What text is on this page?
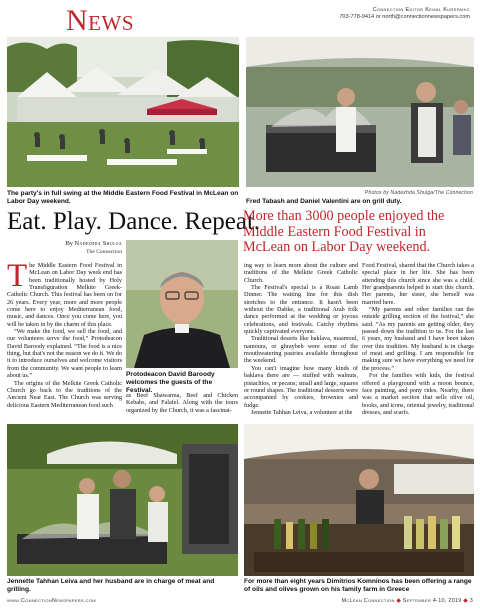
News	Connection Editor Kemal Kurspahic
703-778-9414 or north@connectionnewspapers.com
The party's in full swing at the Middle Eastern Food Festival in McLean on Labor Day weekend.	Fred Tabash and Daniel Valentini are on grill duty.
Photos by Nadezhda Shulga/The Connection
Eat. Play. Dance. Repeat.
More than 3000 people enjoyed the Middle Eastern Food Festival in McLean on Labor Day weekend.
By Nadezhda Shulga
The Connection
Protodeacon David Baroody welcomes the guests of the Festival.
T he Middle Eastern Food Festival in McLean on Labor Day week end has been traditionally hosted by Holy Transfiguration Melkite Greek-Catholic Church. This festival has been on for 26 years. Every year, more and more people come here to enjoy Mediterranean food, music, and dances. Once you come here, you will be taken in by the charm of this place.

“We make the food, we sell the food, and our volunteers serve the food,” Protodeacon David Baroody explained. “The food is a nice thing, but that's not the reason we do it. We do it to introduce ourselves and welcome visitors from the community. We want people to learn about us.”

The origins of the Melkite Greek Catholic Church go back to the traditions of the Ancient Near East. The Church was serving delicious Eastern Mediterranean food such

as Beef Shawarma, Beef and Chicken Kebabs, and Falafel. Along with the tours organized by the Church, it was a fascinat-

ing way to learn more about the culture and traditions of the Melkite Greek Catholic Church.

The Festival's special is a Roast Lamb Dinner. The waiting line for this dish stretches to the entrance. It hasn't been without the Dabke, a traditional Arab folk dance performed at the wedding or joyous celebrations, and festivals. Catchy rhythms quickly captivated everyone.

Traditional deserts like baklava, maamoul, namoura, or ghraybeh were some of the mouthwatering pastries available throughout the weekend.

You can't imagine how many kinds of baklava there are — stuffed with walnuts, pistachios, or pecans; small and large, squares or round shapes. The traditional desserts were accompanied by cookies, brownies and fudge.

Jennette Tahhan Leiva, a volunteer at the

Food Festival, shared that the Church takes a special place in her life. She has been attending this church since she was a child. Her grandparents helped to start this church. Her parents, her sister, she herself was married here.

“My parents and other families ran the outside grilling section of the festival,” she said. “As my parents are getting older, they passed down the tradition to us. For the last 6 years, my husband and I have been taken over this tradition. My husband is in charge of meat and grilling. I am responsible for making sure we have everything we need for the process.”

For the families with kids, the festival offered a playground with a moon bounce, face painting, and pony rides. Nearby, there was a market section that sells olive oil, books, and icons, oriental jewelry, traditional dresses, and scarfs.

Jennette Tahhan Leiva and her husband are in charge of meat and grilling.
For more than eight years Dimitrios Komninos has been offering a range of oils and olives grown on his family farm in Greece
www.ConnectionNewspapers.com	McLean Connection ◆ September 4-10, 2019 ◆ 3
